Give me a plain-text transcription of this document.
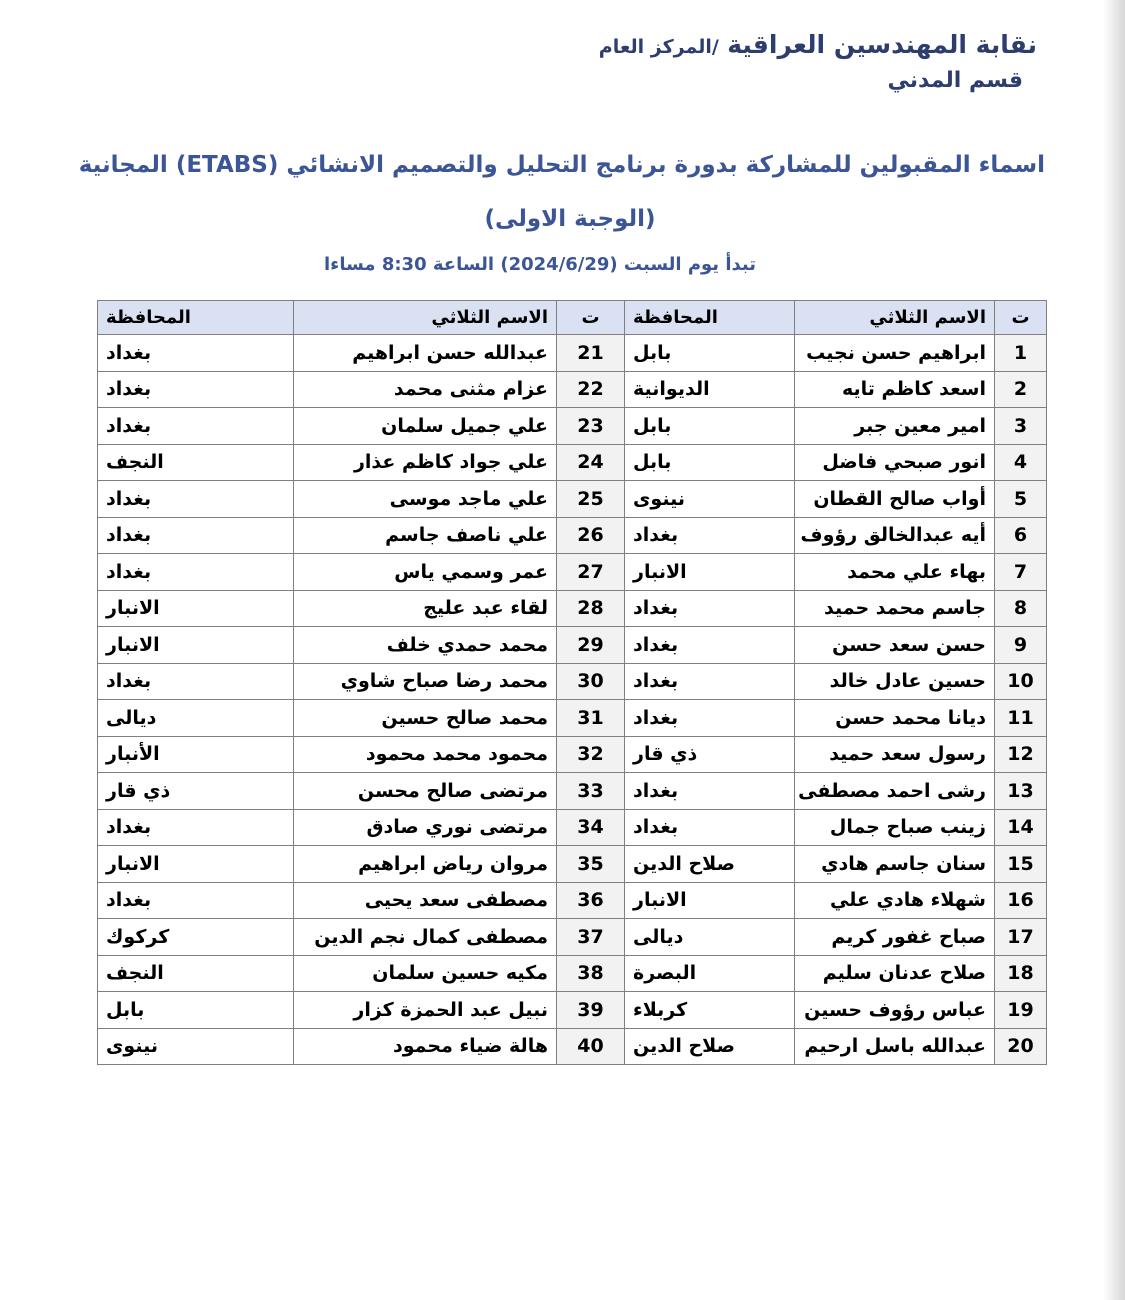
نقابة المهندسين العراقية /المركز العام
قسم المدني
اسماء المقبولين للمشاركة بدورة برنامج التحليل والتصميم الانشائي (ETABS) المجانية
(الوجبة الاولى)
تبدأ يوم السبت (2024/6/29) الساعة 8:30 مساءا
ت	الاسم الثلاثي	المحافظة	ت	الاسم الثلاثي	المحافظة
1	ابراهيم حسن نجيب	بابل	21	عبدالله حسن ابراهيم	بغداد
2	اسعد كاظم تايه	الديوانية	22	عزام مثنى محمد	بغداد
3	امير معين جبر	بابل	23	علي جميل سلمان	بغداد
4	انور صبحي فاضل	بابل	24	علي جواد كاظم عذار	النجف
5	أواب صالح القطان	نينوى	25	علي ماجد موسى	بغداد
6	أيه عبدالخالق رؤوف	بغداد	26	علي ناصف جاسم	بغداد
7	بهاء علي محمد	الانبار	27	عمر وسمي ياس	بغداد
8	جاسم محمد حميد	بغداد	28	لقاء عبد عليج	الانبار
9	حسن سعد حسن	بغداد	29	محمد حمدي خلف	الانبار
10	حسين عادل خالد	بغداد	30	محمد رضا صباح شاوي	بغداد
11	ديانا محمد حسن	بغداد	31	محمد صالح حسين	ديالى
12	رسول سعد حميد	ذي قار	32	محمود محمد محمود	الأنبار
13	رشى احمد مصطفى	بغداد	33	مرتضى صالح محسن	ذي قار
14	زينب صباح جمال	بغداد	34	مرتضى نوري صادق	بغداد
15	سنان جاسم هادي	صلاح الدين	35	مروان رياض ابراهيم	الانبار
16	شهلاء هادي علي	الانبار	36	مصطفى سعد يحيى	بغداد
17	صباح غفور كريم	ديالى	37	مصطفى كمال نجم الدين	كركوك
18	صلاح عدنان سليم	البصرة	38	مكيه حسين سلمان	النجف
19	عباس رؤوف حسين	كربلاء	39	نبيل عبد الحمزة كزار	بابل
20	عبدالله باسل ارحيم	صلاح الدين	40	هالة ضياء محمود	نينوى
